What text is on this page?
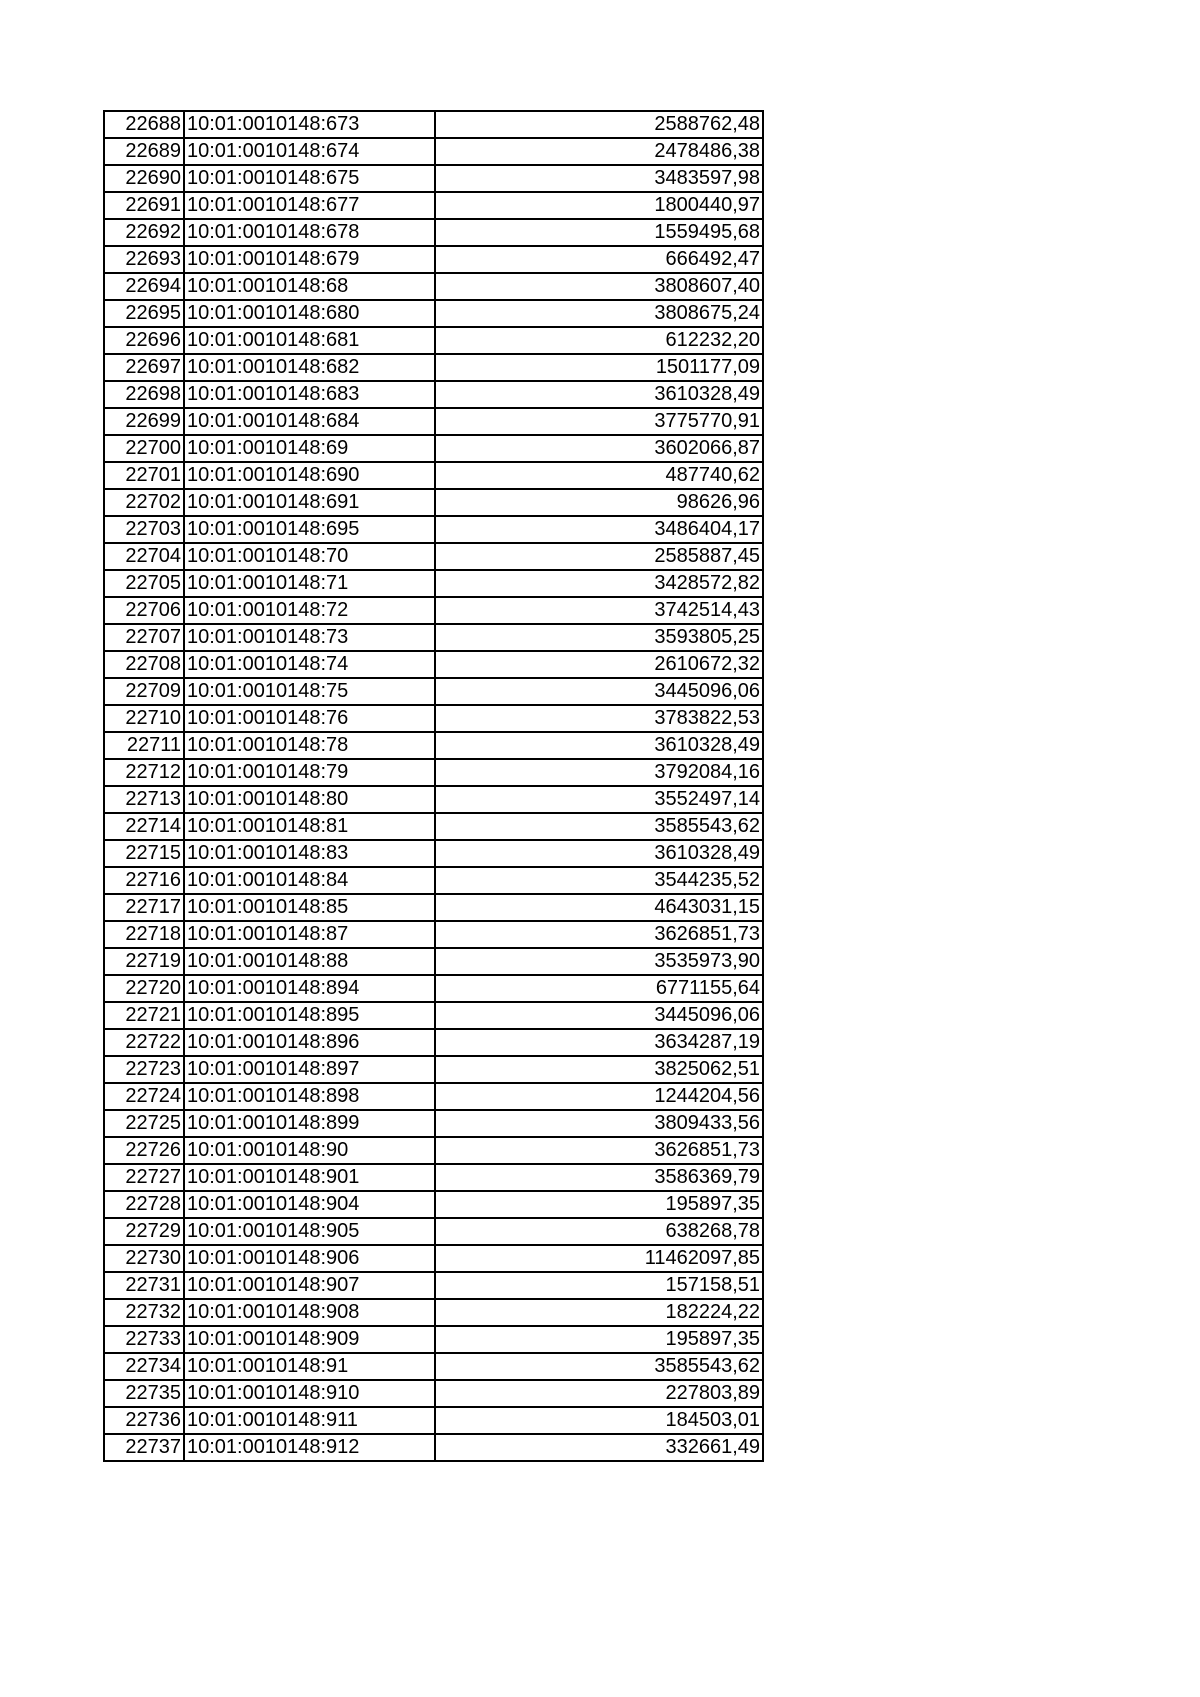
22688	10:01:0010148:673	2588762,48
22689	10:01:0010148:674	2478486,38
22690	10:01:0010148:675	3483597,98
22691	10:01:0010148:677	1800440,97
22692	10:01:0010148:678	1559495,68
22693	10:01:0010148:679	666492,47
22694	10:01:0010148:68	3808607,40
22695	10:01:0010148:680	3808675,24
22696	10:01:0010148:681	612232,20
22697	10:01:0010148:682	1501177,09
22698	10:01:0010148:683	3610328,49
22699	10:01:0010148:684	3775770,91
22700	10:01:0010148:69	3602066,87
22701	10:01:0010148:690	487740,62
22702	10:01:0010148:691	98626,96
22703	10:01:0010148:695	3486404,17
22704	10:01:0010148:70	2585887,45
22705	10:01:0010148:71	3428572,82
22706	10:01:0010148:72	3742514,43
22707	10:01:0010148:73	3593805,25
22708	10:01:0010148:74	2610672,32
22709	10:01:0010148:75	3445096,06
22710	10:01:0010148:76	3783822,53
22711	10:01:0010148:78	3610328,49
22712	10:01:0010148:79	3792084,16
22713	10:01:0010148:80	3552497,14
22714	10:01:0010148:81	3585543,62
22715	10:01:0010148:83	3610328,49
22716	10:01:0010148:84	3544235,52
22717	10:01:0010148:85	4643031,15
22718	10:01:0010148:87	3626851,73
22719	10:01:0010148:88	3535973,90
22720	10:01:0010148:894	6771155,64
22721	10:01:0010148:895	3445096,06
22722	10:01:0010148:896	3634287,19
22723	10:01:0010148:897	3825062,51
22724	10:01:0010148:898	1244204,56
22725	10:01:0010148:899	3809433,56
22726	10:01:0010148:90	3626851,73
22727	10:01:0010148:901	3586369,79
22728	10:01:0010148:904	195897,35
22729	10:01:0010148:905	638268,78
22730	10:01:0010148:906	11462097,85
22731	10:01:0010148:907	157158,51
22732	10:01:0010148:908	182224,22
22733	10:01:0010148:909	195897,35
22734	10:01:0010148:91	3585543,62
22735	10:01:0010148:910	227803,89
22736	10:01:0010148:911	184503,01
22737	10:01:0010148:912	332661,49
